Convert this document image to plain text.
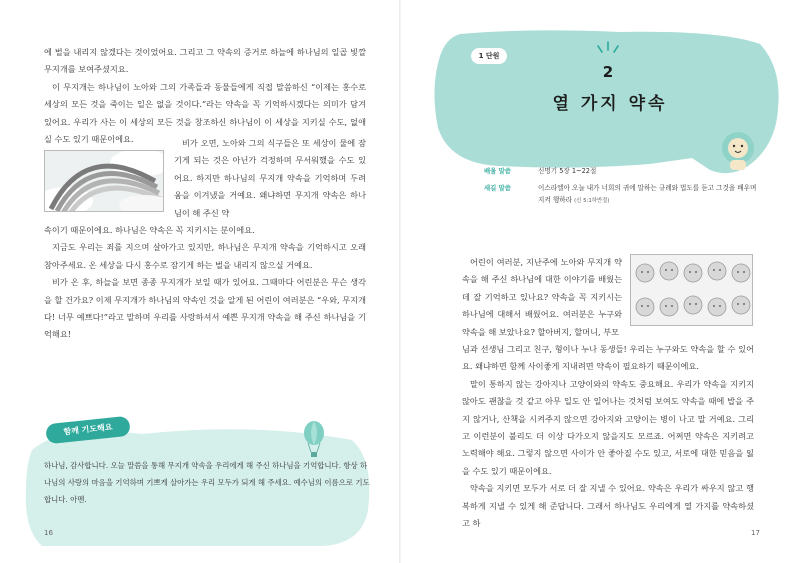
에 벌을 내리지 않겠다는 것이었어요. 그리고 그 약속의 증거로 하늘에 하나님의 일곱 빛깔 무지개를 보여주셨지요.

이 무지개는 하나님이 노아와 그의 가족들과 동물들에게 직접 말씀하신 “이제는 홍수로 세상의 모든 것을 죽이는 일은 없을 것이다.”라는 약속을 꼭 기억하시겠다는 의미가 담겨 있어요. 우리가 사는 이 세상의 모든 것을 창조하신 하나님이 이 세상을 지키실 수도, 없애실 수도 있기 때문이에요.	비가 오면, 노아와 그의 식구들은 또 세상이 물에 잠기게 되는 것은 아닌가 걱정하며 무서워했을 수도 있어요. 하지만 하나님의 무지개 약속을 기억하며 두려움을 이겨냈을 거예요. 왜냐하면 무지개 약속은 하나님이 해 주신 약

속이기 때문이에요. 하나님은 약속은 꼭 지키시는 분이에요.

지금도 우리는 죄를 지으며 살아가고 있지만, 하나님은 무지개 약속을 기억하시고 오래 참아주세요. 온 세상을 다시 홍수로 잠기게 하는 벌을 내리지 않으실 거예요.

비가 온 후, 하늘을 보면 종종 무지개가 보일 때가 있어요. 그때마다 어린분은 무슨 생각을 할 건가요? 이제 무지개가 하나님의 약속인 것을 알게 된 어린이 여러분은 “우와, 무지개다! 너무 예쁘다!”라고 말하며 우리를 사랑하셔서 예쁜 무지개 약속을 해 주신 하나님을 기억해요!

함께 기도해요
하나님, 감사합니다. 오늘 말씀을 통해 무지개 약속을 우리에게 해 주신 하나님을 기억합니다. 항상 하나님의 사랑의 마음을 기억하며 기쁘게 살아가는 우리 모두가 되게 해 주세요. 예수님의 이름으로 기도합니다. 아멘.
16
1 단원
2
열 가지 약속
배울 말씀	신명기 5장 1~22절
새길 말씀	이스라엘아 오늘 내가 너희의 귀에 말하는 규례와 법도를 듣고 그것을 배우며 지켜 행하라 (신 5:1하반절)

어린이 여러분, 지난주에 노아와 무지개 약속을 해 주신 하나님에 대한 이야기를 배웠는데 잘 기억하고 있나요? 약속을 꼭 지키시는 하나님에 대해서 배웠어요. 여러분은 누구와 약속을 해 보았나요? 할아버지, 할머니, 부모

님과 선생님 그리고 친구, 형이나 누나 동생들! 우리는 누구와도 약속을 할 수 있어요. 왜냐하면 함께 사이좋게 지내려면 약속이 필요하기 때문이에요.

말이 통하지 않는 강아지나 고양이와의 약속도 중요해요. 우리가 약속을 지키지 않아도 괜찮을 것 같고 아무 일도 안 일어나는 것처럼 보여도 약속을 때에 밥을 주지 않거나, 산책을 시켜주지 않으면 강아지와 고양이는 병이 나고 말 거예요. 그리고 이런분이 불리도 더 이상 다가오지 않을지도 모르죠. 어쩌면 약속은 지키려고 노력해야 해요. 그렇지 않으면 사이가 안 좋아질 수도 있고, 서로에 대한 믿음을 잃을 수도 있기 때문이에요.

약속을 지키면 모두가 서로 더 잘 지낼 수 있어요. 약속은 우리가 싸우지 않고 행복하게 지낼 수 있게 해 준답니다. 그래서 하나님도 우리에게 열 가지를 약속하셨고 하

17
